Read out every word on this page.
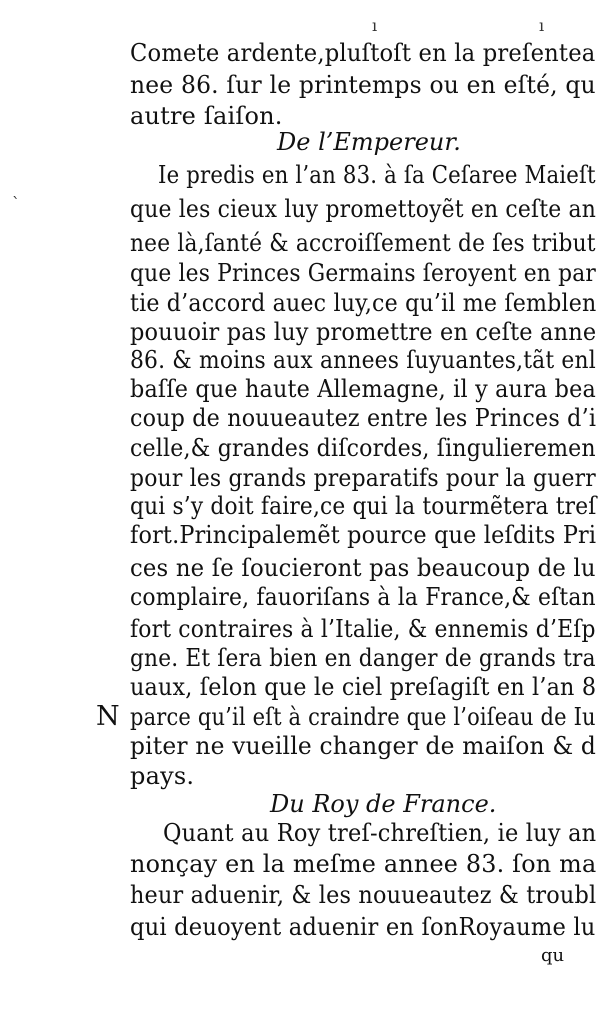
ı	ı
ˋ
Comete ardente,pluſtoſt en la preſentea
nee 86. ſur le printemps ou en eſté, qu
autre ſaiſon.
De l’Empereur.
Ie predis en l’an 83. à ſa Ceſaree Maieſt
que les cieux luy promettoyẽt en ceſte an
nee là,ſanté & accroiſſement de ſes tribut
que les Princes Germains ſeroyent en par
tie d’accord auec luy,ce qu’il me ſemblen
pouuoir pas luy promettre en ceſte anne
86. & moins aux annees ſuyuantes,tãt enl
baſſe que haute Allemagne, il y aura bea
coup de nouueautez entre les Princes d’i
celle,& grandes diſcordes, ſingulieremen
pour les grands preparatifs pour la guerr
qui s’y doit faire,ce qui la tourmẽtera treſ
fort.Principalemẽt pource que leſdits Pri
ces ne ſe ſoucieront pas beaucoup de lu
complaire, fauoriſans à la France,& eſtan
fort contraires à l’Italie, & ennemis d’Eſp
gne. Et ſera bien en danger de grands tra
uaux, ſelon que le ciel preſagiſt en l’an 8
N parce qu’il eſt à craindre que l’oiſeau de Iu
piter ne vueille changer de maiſon & d
pays.
Du Roy de France.
Quant au Roy treſ-chreſtien, ie luy an
nonçay en la meſme annee 83. ſon ma
heur aduenir, & les nouueautez & troubl
qui deuoyent aduenir en ſonRoyaume lu
qu
